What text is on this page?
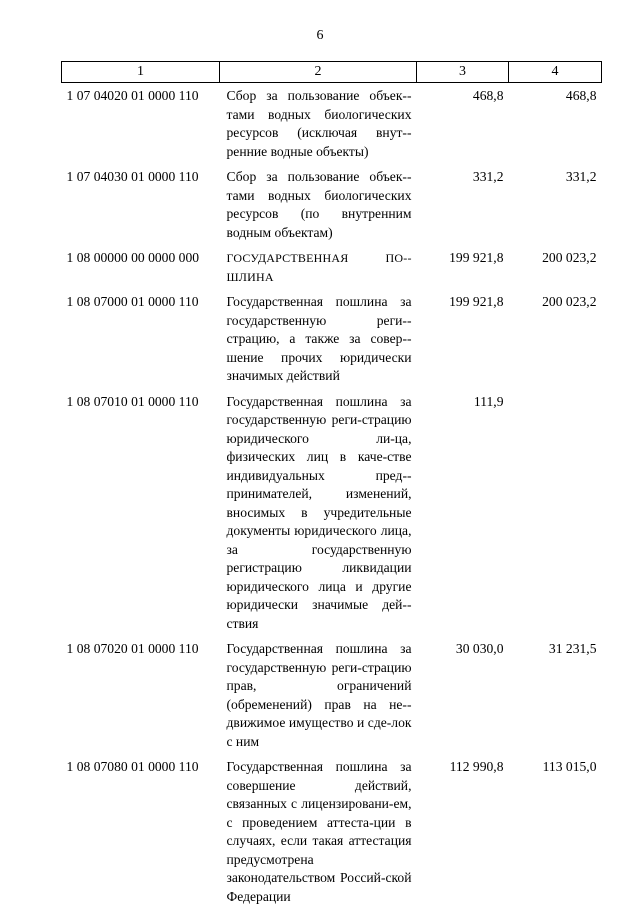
6
1	2	3	4
1 07 04020 01 0000 110	Сбор за пользование объек-тами водных биологических ресурсов (исключая внут-ренние водные объекты)	468,8	468,8
1 07 04030 01 0000 110	Сбор за пользование объек-тами водных биологических ресурсов (по внутренним водным объектам)	331,2	331,2
1 08 00000 00 0000 000	ГОСУДАРСТВЕННАЯ ПО-ШЛИНА	199 921,8	200 023,2
1 08 07000 01 0000 110	Государственная пошлина за государственную реги-страцию, а также за совер-шение прочих юридически значимых действий	199 921,8	200 023,2
1 08 07010 01 0000 110	Государственная пошлина за государственную реги-страцию юридического ли-ца, физических лиц в каче-стве индивидуальных пред-принимателей, изменений, вносимых в учредительные документы юридического лица, за государственную регистрацию ликвидации юридического лица и другие юридически значимые дей-ствия	111,9	
1 08 07020 01 0000 110	Государственная пошлина за государственную реги-страцию прав, ограничений (обременений) прав на не-движимое имущество и сде-лок с ним	30 030,0	31 231,5
1 08 07080 01 0000 110	Государственная пошлина за совершение действий, связанных с лицензировани-ем, с проведением аттеста-ции в случаях, если такая аттестация предусмотрена законодательством Россий-ской Федерации	112 990,8	113 015,0
